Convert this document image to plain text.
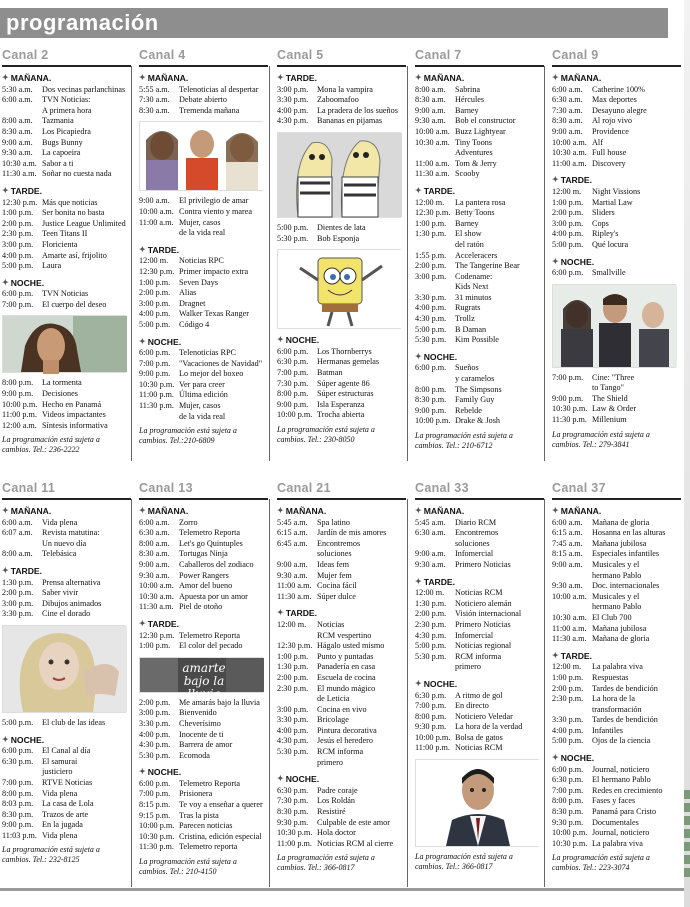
programación
Canal 2
✦ MAÑANA.
5:30 a.m.	Dos vecinas parlanchinas
6:00 a.m.	TVN Noticias:
A primera hora
8:00 a.m.	Tazmania
8:30 a.m.	Los Picapiedra
9:00 a.m.	Bugs Bunny
9:30 a.m.	La capoeira
10:30 a.m. Sabor a ti
11:30 a.m. Soñar no cuesta nada
✦ TARDE.
12:30 p.m. Más que noticias
1:00 p.m.	Ser bonita no basta
2:00 p.m.	Justice League Unlimited
2:30 p.m.	Teen Titans II
3:00 p.m.	Floricienta
4:00 p.m.	Amarte así, frijolito
5:00 p.m.	Laura
✦ NOCHE.
6:00 p.m.	TVN Noticias
7:00 p.m.	El cuerpo del deseo
8:00 p.m.	La tormenta
9:00 p.m.	Decisiones
10:00 p.m. Hecho en Panamá
11:00 p.m. Videos impactantes
12:00 a.m. Síntesis informativa
La programación está sujeta a
cambios. Tel.: 236-2222
Canal 4
✦ MAÑANA.
5:55 a.m.	Telenoticias al despertar
7:30 a.m.	Debate abierto
8:30 a.m.	Tremenda mañana
9:00 a.m.	El privilegio de amar
10:00 a.m. Contra viento y marea
11:00 a.m. Mujer, casos
de la vida real
✦ TARDE.
12:00 m.	Noticias RPC
12:30 p.m. Primer impacto extra
1:00 p.m.	Seven Days
2:00 p.m.	Alias
3:00 p.m.	Dragnet
4:00 p.m.	Walker Texas Ranger
5:00 p.m.	Código 4
✦ NOCHE.
6:00 p.m.	Telenoticias RPC
7:00 p.m.	"Vacaciones de Navidad"
9:00 p.m.	Lo mejor del boxeo
10:30 p.m. Ver para creer
11:00 p.m. Última edición
11:30 p.m. Mujer, casos
de la vida real
La programación está sujeta a
cambios. Tel.:210-6809
Canal 5
✦ TARDE.
3:00 p.m.	Mona la vampira
3:30 p.m.	Zaboomafoo
4:00 p.m.	La pradera de los sueños
4:30 p.m.	Bananas en pijamas
5:00 p.m.	Dientes de lata
5:30 p.m.	Bob Esponja
✦ NOCHE.
6:00 p.m.	Los Thornberrys
6:30 p.m.	Hermanas gemelas
7:00 p.m.	Batman
7:30 p.m.	Súper agente 86
8:00 p.m.	Súper estructuras
9:00 p.m.	Isla Esperanza
10:00 p.m. Trocha abierta
La programación está sujeta a
cambios. Tel.: 230-8050
Canal 7
✦ MAÑANA.
8:00 a.m.	Sabrina
8:30 a.m.	Hércules
9:00 a.m.	Barney
9:30 a.m.	Bob el constructor
10:00 a.m. Buzz Lightyear
10:30 a.m. Tiny Toons
Adventures
11:00 a.m. Tom & Jerry
11:30 a.m. Scooby
✦ TARDE.
12:00 m.	La pantera rosa
12:30 p.m. Betty Toons
1:00 p.m.	Barney
1:30 p.m.	El show
del ratón
1:55 p.m.	Acceleracers
2:00 p.m.	The Tangerine Bear
3:00 p.m.	Codename:
Kids Next
3:30 p.m.	31 minutos
4:00 p.m.	Rugrats
4:30 p.m.	Trollz
5:00 p.m.	B Daman
5:30 p.m.	Kim Possible
✦ NOCHE.
6:00 p.m.	Sueños
y caramelos
8:00 p.m.	The Simpsons
8:30 p.m.	Family Guy
9:00 p.m.	Rebelde
10:00 p.m. Drake & Josh
La programación está sujeta a
cambios. Tel.: 210-6712
Canal 9
✦ MAÑANA.
6:00 a.m.	Catherine 100%
6:30 a.m.	Max deportes
7:30 a.m.	Desayuno alegre
8:30 a.m.	Al rojo vivo
9:00 a.m.	Providence
10:00 a.m. Alf
10:30 a.m. Full house
11:00 a.m. Discovery
✦ TARDE.
12:00 m.	Night Vissions
1:00 p.m.	Martial Law
2:00 p.m.	Sliders
3:00 p.m.	Cops
4:00 p.m.	Ripley's
5:00 p.m.	Qué locura
✦ NOCHE.
6:00 p.m.	Smallville
7:00 p.m.	Cine: "Three
to Tango"
9:00 p.m.	The Shield
10:30 p.m. Law & Order
11:30 p.m. Millenium
La programación está sujeta a
cambios. Tel.: 279-3841
Canal 11
✦ MAÑANA.
6:00 a.m.	Vida plena
6:07 a.m.	Revista matutina:
Un nuevo día
8:00 a.m.	Telebásica
✦ TARDE.
1:30 p.m.	Prensa alternativa
2:00 p.m.	Saber vivir
3:00 p.m.	Dibujos animados
3:30 p.m.	Cine el dorado
5:00 p.m.	El club de las ideas
✦ NOCHE.
6:00 p.m.	El Canal al día
6:30 p.m.	El samurai
justiciero
7:00 p.m.	RTVE Noticias
8:00 p.m.	Vida plena
8:03 p.m.	La casa de Lola
8:30 p.m.	Trazos de arte
9:00 p.m.	En la jugada
11:03 p.m. Vida plena
La programación está sujeta a
cambios. Tel.: 232-8125
Canal 13
✦ MAÑANA.
6:00 a.m.	Zorro
6:30 a.m.	Telemetro Reporta
8:00 a.m.	Let's go Quintuples
8:30 a.m.	Tortugas Ninja
9:00 a.m.	Caballeros del zodiaco
9:30 a.m.	Power Rangers
10:00 a.m. Amor del bueno
10:30 a.m. Apuesta por un amor
11:30 a.m. Piel de otoño
✦ TARDE.
12:30 p.m. Telemetro Reporta
1:00 p.m.	El color del pecado
amarte bajo la lluvia
2:00 p.m.	Me amarás bajo la lluvia
3:00 p.m.	Bienvenido
3:30 p.m.	Cheverísimo
4:00 p.m.	Inocente de ti
4:30 p.m.	Barrera de amor
5:30 p.m.	Ecomoda
✦ NOCHE.
6:00 p.m.	Telemetro Reporta
7:00 p.m.	Prisionera
8:15 p.m.	Te voy a enseñar a querer
9:15 p.m.	Tras la pista
10:00 p.m. Parecen noticias
10:30 p.m. Cristina, edición especial
11:30 p.m. Telemetro reporta
La programación está sujeta a
cambios. Tel.: 210-4150
Canal 21
✦ MAÑANA.
5:45 a.m.	Spa latino
6:15 a.m.	Jardín de mis amores
6:45 a.m.	Encontremos
soluciones
9:00 a.m.	Ideas fem
9:30 a.m.	Mujer fem
11:00 a.m. Cocina fácil
11:30 a.m. Súper dulce
✦ TARDE.
12:00 m.	Noticias
RCM vespertino
12:30 p.m. Hágalo usted mismo
1:00 p.m.	Punto y puntadas
1:30 p.m.	Panadería en casa
2:00 p.m.	Escuela de cocina
2:30 p.m.	El mundo mágico
de Leticia
3:00 p.m.	Cocina en vivo
3:30 p.m.	Bricolage
4:00 p.m.	Pintura decorativa
4:30 p.m.	Jesús el heredero
5:30 p.m.	RCM informa
primero
✦ NOCHE.
6:30 p.m.	Padre coraje
7:30 p.m.	Los Roldán
8:30 p.m.	Resistiré
9:30 p.m.	Culpable de este amor
10:30 p.m. Hola doctor
11:00 p.m. Noticias RCM al cierre
La programación está sujeta a
cambios. Tel.: 366-0817
Canal 33
✦ MAÑANA.
5:45 a.m.	Diario RCM
6:30 a.m.	Encontremos
soluciones
9:00 a.m.	Infomercial
9:30 a.m.	Primero Noticias
✦ TARDE.
12:00 m.	Noticias RCM
1:30 p.m.	Noticiero alemán
2:00 p.m.	Visión internacional
2:30 p.m.	Primero Noticias
4:30 p.m.	Infomercial
5:00 p.m.	Noticias regional
5:30 p.m.	RCM informa
primero
✦ NOCHE.
6:30 p.m.	A ritmo de gol
7:00 p.m.	En directo
8:00 p.m.	Noticiero Veledar
9:30 p.m.	La hora de la verdad
10:00 p.m. Bolsa de gatos
11:00 p.m. Noticias RCM
La programación está sujeta a
cambios. Tel.: 366-0817
Canal 37
✦ MAÑANA.
6:00 a.m.	Mañana de gloria
6:15 a.m.	Hosanna en las alturas
7:45 a.m.	Mañana jubilosa
8:15 a.m.	Especiales infantiles
9:00 a.m.	Musicales y el
hermano Pablo
9:30 a.m.	Doc. internacionales
10:00 a.m. Musicales y el
hermano Pablo
10:30 a.m. El Club 700
11:00 a.m. Mañana jubilosa
11:30 a.m. Mañana de gloria
✦ TARDE.
12:00 m.	La palabra viva
1:00 p.m.	Respuestas
2:00 p.m.	Tardes de bendición
2:30 p.m.	La hora de la
transformación
3:30 p.m.	Tardes de bendición
4:00 p.m.	Infantiles
5:00 p.m.	Ojos de la ciencia
✦ NOCHE.
6:00 p.m.	Journal, noticiero
6:30 p.m.	El hermano Pablo
7:00 p.m.	Redes en crecimiento
8:00 p.m.	Fases y faces
8:30 p.m.	Panamá para Cristo
9:30 p.m.	Documentales
10:00 p.m. Journal, noticiero
10:30 p.m. La palabra viva
La programación está sujeta a
cambios. Tel.: 223-3074
